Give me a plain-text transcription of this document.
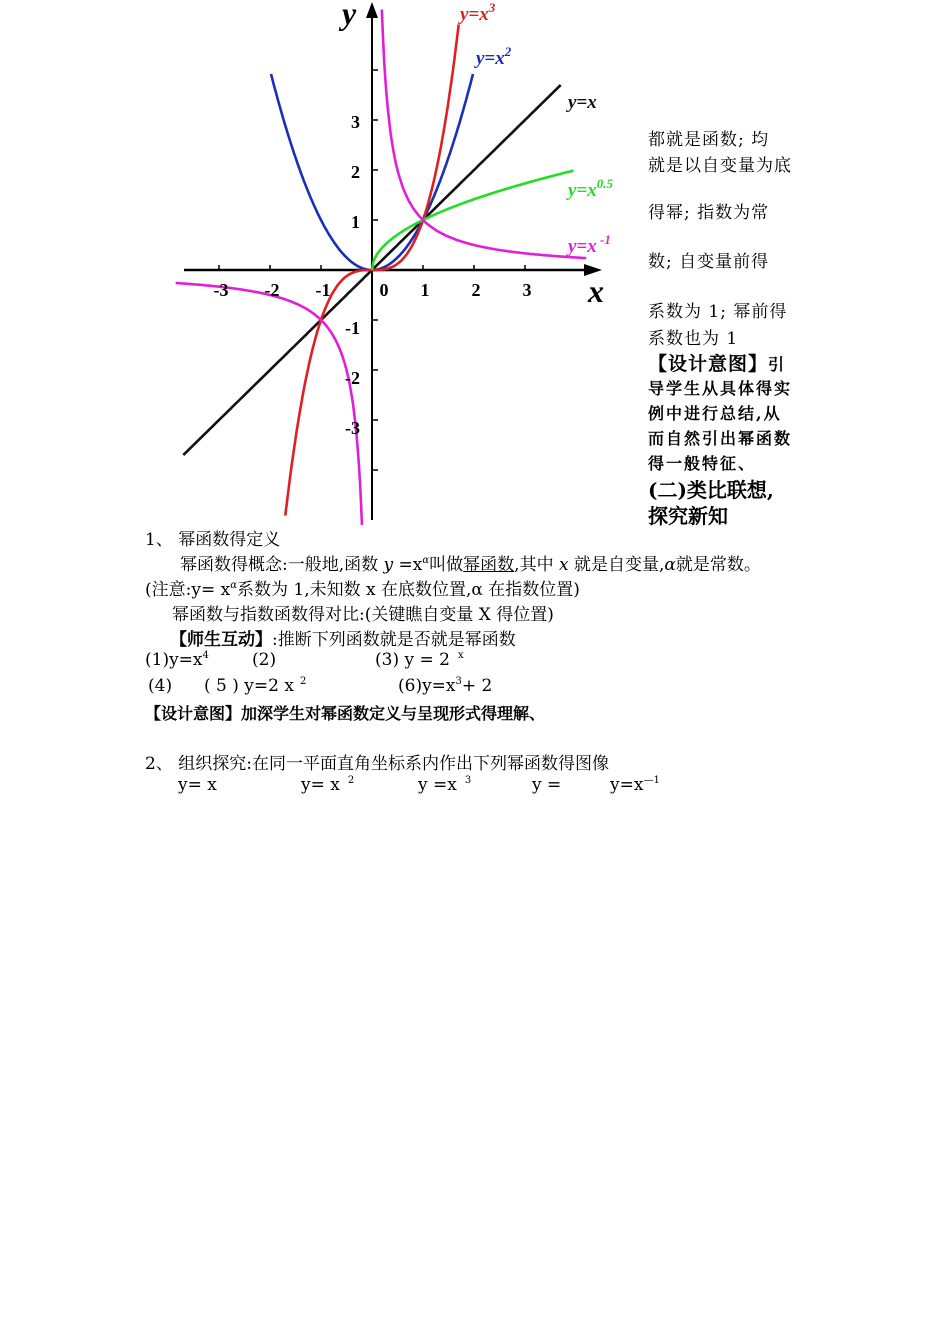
-3 -2 -1	0 1 2 3
3
2
1
-1
-2
-3
x
y
y=x
$y=x^2$
$y=x^3$
$y=x^{0.5}$
y=x $^{-1}$
都就是函数; 均
就是以自变量为底
得幂; 指数为常
数; 自变量前得
系数为 1; 幂前得
系数也为 1
【设计意图】引
导学生从具体得实
例中进行总结,从
而自然引出幂函数
得一般特征、
(二)类比联想,
探究新知
1、 幂函数得定义
幂函数得概念:一般地,函数 $y =x^\alpha$叫做幂函数,其中 x 就是自变量,α就是常数。
(注意:y= $x^\alpha$系数为 1,未知数 x 在底数位置,α 在指数位置)
幂函数与指数函数得对比:(关键瞧自变量 X 得位置)
【师生互动】:推断下列函数就是否就是幂函数
$(1)y=x^4$	(2)	(3) y = 2 $^x$
(4) ( 5 ) y=2 x $^2$	$(6)y=x^3+ 2$
【设计意图】加深学生对幂函数定义与呈现形式得理解、
2、 组织探究:在同一平面直角坐标系内作出下列幂函数得图像
y= x	y= x $^2$	y =x $^3$	y =	$y=x^{—1}$
